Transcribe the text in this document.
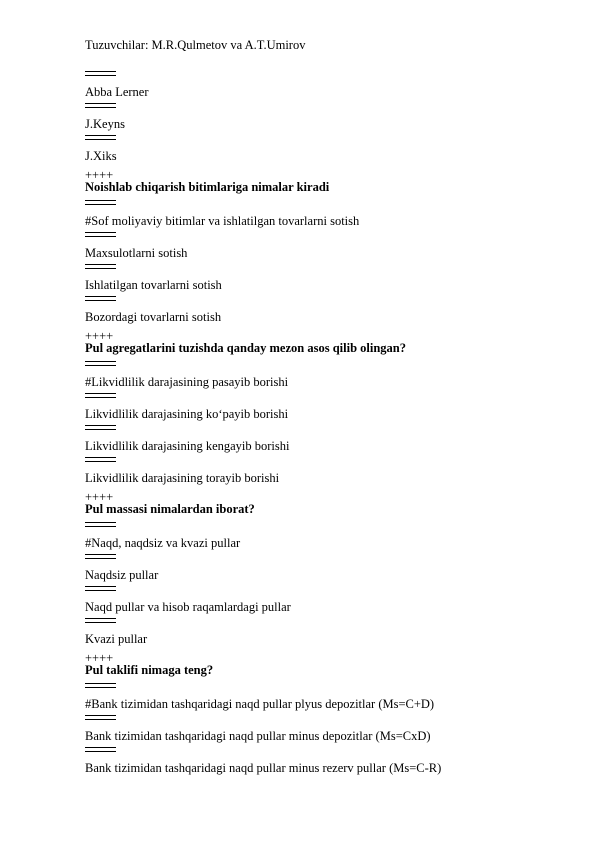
Tuzuvchilar: M.R.Qulmetov va A.T.Umirov
Abba Lerner
J.Keyns
J.Xiks
++++
Noishlab chiqarish bitimlariga nimalar kiradi
#Sof moliyaviy bitimlar va ishlatilgan tovarlarni sotish
Maxsulotlarni sotish
Ishlatilgan tovarlarni sotish
Bozordagi tovarlarni sotish
++++
Pul agregatlarini tuzishda qanday mezon asos qilib olingan?
#Likvidlilik darajasining pasayib borishi
Likvidlilik darajasining ko‘payib borishi
Likvidlilik darajasining kengayib borishi
Likvidlilik darajasining torayib borishi
++++
Pul massasi nimalardan iborat?
#Naqd, naqdsiz va kvazi pullar
Naqdsiz pullar
Naqd pullar va hisob raqamlardagi pullar
Kvazi pullar
++++
Pul taklifi nimaga teng?
#Bank tizimidan tashqaridagi naqd pullar plyus depozitlar (Ms=C+D)
Bank tizimidan tashqaridagi naqd pullar minus depozitlar (Ms=CxD)
Bank tizimidan tashqaridagi naqd pullar minus rezerv pullar (Ms=C-R)
